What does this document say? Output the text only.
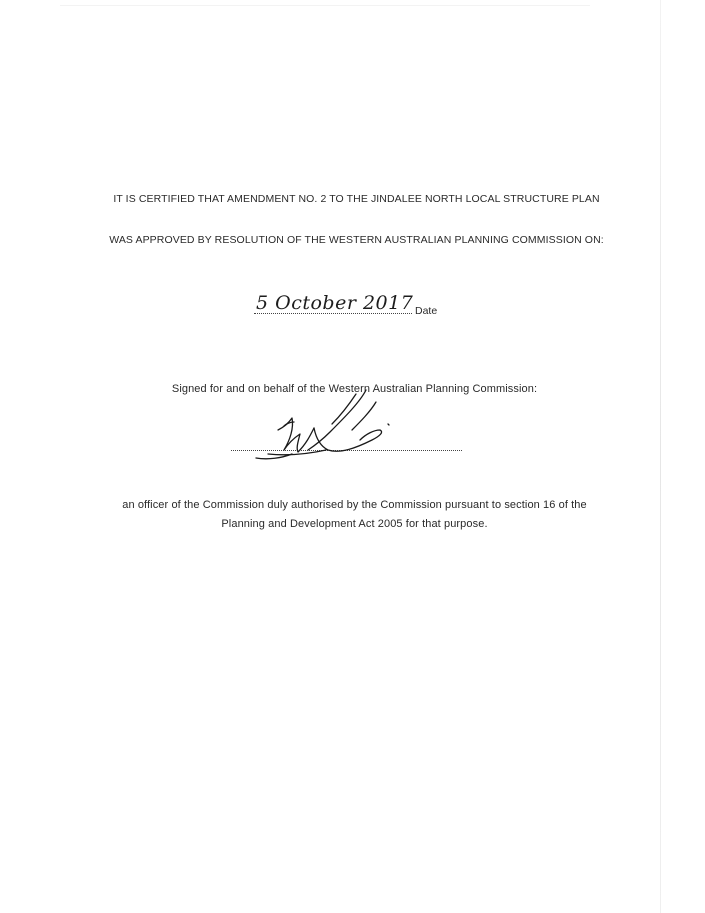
IT IS CERTIFIED THAT AMENDMENT NO. 2 TO THE JINDALEE NORTH LOCAL STRUCTURE PLAN
WAS APPROVED BY RESOLUTION OF THE WESTERN AUSTRALIAN PLANNING COMMISSION ON:
5 October 2017 Date
Signed for and on behalf of the Western Australian Planning Commission:
an officer of the Commission duly authorised by the Commission pursuant to section 16 of the
Planning and Development Act 2005 for that purpose.
